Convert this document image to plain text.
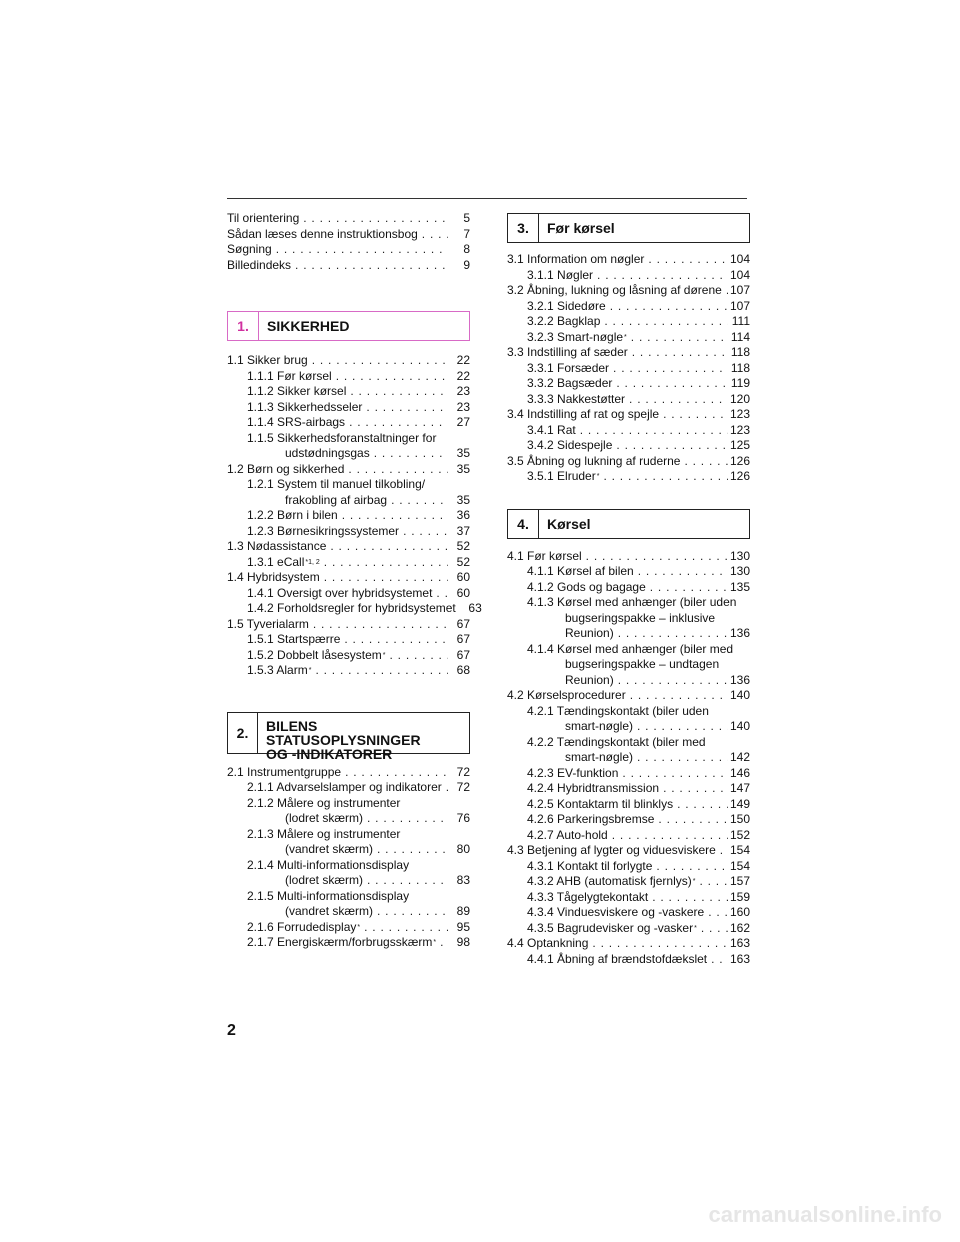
Til orientering . . .	5
Sådan læses denne instruktionsbog . . .	7
Søgning . . .	8
Billedindeks . . .	9
1.	SIKKERHED
1.1 Sikker brug . . .	22
1.1.1 Før kørsel . . .	22
1.1.2 Sikker kørsel . . .	23
1.1.3 Sikkerhedsseler . . .	23
1.1.4 SRS-airbags . . .	27
1.1.5 Sikkerhedsforanstaltninger for
udstødningsgas . . .	35
1.2 Børn og sikkerhed . . .	35
1.2.1 System til manuel tilkobling/
frakobling af airbag . . .	35
1.2.2 Børn i bilen . . .	36
1.2.3 Børnesikringssystemer . . .	37
1.3 Nødassistance . . .	52
1.3.1 eCall *1, 2 . . .	52
1.4 Hybridsystem . . .	60
1.4.1 Oversigt over hybridsystemet . . .	60
1.4.2 Forholdsregler for hybridsystemet	63
1.5 Tyverialarm . . .	67
1.5.1 Startspærre . . .	67
1.5.2 Dobbelt låsesystem * . . .	67
1.5.3 Alarm * . . .	68
2.	BILENS STATUSOPLYSNINGER
OG -INDIKATORER
2.1 Instrumentgruppe . . .	72
2.1.1 Advarselslamper og indikatorer . . .	72
2.1.2 Målere og instrumenter
(lodret skærm) . . .	76
2.1.3 Målere og instrumenter
(vandret skærm) . . .	80
2.1.4 Multi-informationsdisplay
(lodret skærm) . . .	83
2.1.5 Multi-informationsdisplay
(vandret skærm) . . .	89
2.1.6 Forrudedisplay * . . .	95
2.1.7 Energiskærm/forbrugsskærm * . . .	98
3.	Før kørsel
3.1 Information om nøgler . . .	104
3.1.1 Nøgler . . .	104
3.2 Åbning, lukning og låsning af dørene . . . 107
3.2.1 Sidedøre . . .	107
3.2.2 Bagklap . . .	111
3.2.3 Smart-nøgle * . . .	114
3.3 Indstilling af sæder . . .	118
3.3.1 Forsæder . . .	118
3.3.2 Bagsæder . . .	119
3.3.3 Nakkestøtter . . .	120
3.4 Indstilling af rat og spejle . . .	123
3.4.1 Rat . . .	123
3.4.2 Sidespejle . . .	125
3.5 Åbning og lukning af ruderne . . .	126
3.5.1 Elruder * . . .	126
4.	Kørsel
4.1 Før kørsel . . .	130
4.1.1 Kørsel af bilen . . .	130
4.1.2 Gods og bagage . . .	135
4.1.3 Kørsel med anhænger (biler uden
bugseringspakke – inklusive
Reunion) . . .	136
4.1.4 Kørsel med anhænger (biler med
bugseringspakke – undtagen
Reunion) . . .	136
4.2 Kørselsprocedurer . . .	140
4.2.1 Tændingskontakt (biler uden
smart-nøgle) . . .	140
4.2.2 Tændingskontakt (biler med
smart-nøgle) . . .	142
4.2.3 EV-funktion . . .	146
4.2.4 Hybridtransmission . . .	147
4.2.5 Kontaktarm til blinklys . . .	149
4.2.6 Parkeringsbremse . . .	150
4.2.7 Auto-hold . . .	152
4.3 Betjening af lygter og viduesviskere . . . 154
4.3.1 Kontakt til forlygte . . .	154
4.3.2 AHB (automatisk fjernlys) * . . .	157
4.3.3 Tågelygtekontakt . . .	159
4.3.4 Vinduesviskere og -vaskere . . . 160
4.3.5 Bagrudevisker og -vasker * . . .	162
4.4 Optankning . . .	163
4.4.1 Åbning af brændstofdækslet . . . 163
2
carmanualsonline.info
